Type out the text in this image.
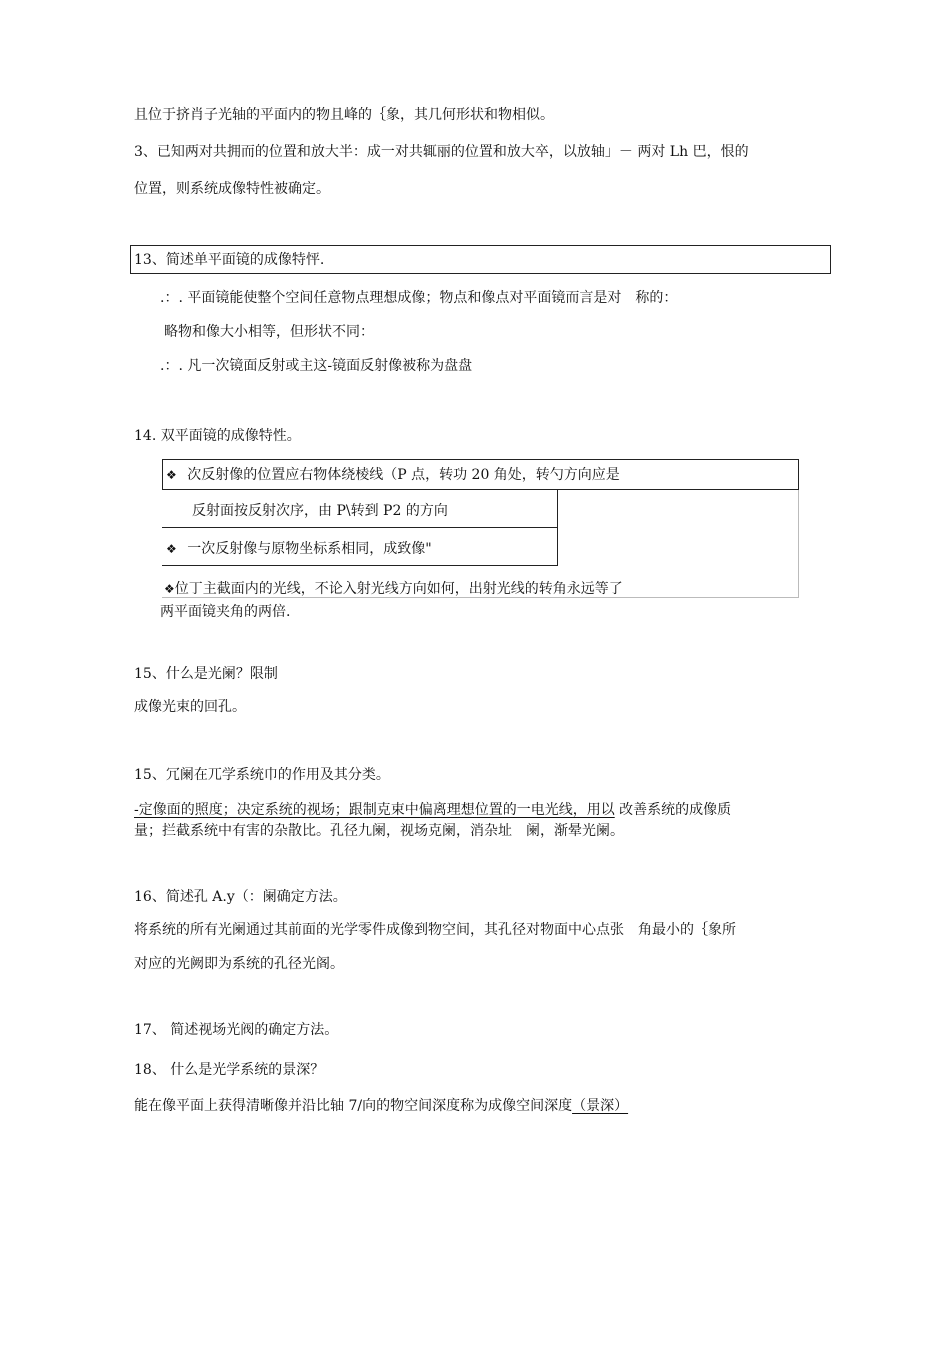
且位于挤肖子光轴的平面内的物且峰的｛象，其几何形状和物相似。
3、已知两对共拥而的位置和放大半：成一对共辄丽的位置和放大卒，以放轴」－ 两对 Lh 巴，恨的
位置，则系统成像特性被确定。
13、简述单平面镜的成像特怦.
.：. 平面镜能使整个空间任意物点理想成像；物点和像点对平面镜而言是对　称的：
略物和像大小相等，但形状不同：
.：. 凡一次镜面反射或主这-镜面反射像被称为盘盘
14. 双平面镜的成像特性。
❖ 次反射像的位置应右物体绕棱线（P 点，转功 20 角处，转勺方向应是
反射面按反射次序，由 P\转到 P2 的方向
❖ 一次反射像与原物坐标系相同，成致像"
❖位丁主截面内的光线，不论入射光线方向如何，出射光线的转角永远等了
两平面镜夹角的两倍.
15、什么是光阑？限制
成像光束的回孔。
15、冗阑在兀学系统巾的作用及其分类。
-定像面的照度；决定系统的视场；跟制克束中偏离理想位置的一电光线，用以 改善系统的成像质
量；拦截系统中有害的杂散比。孔径九阑，视场克阑，消杂址　阑，渐晕光阑。
16、简述孔 A.y（：阑确定方法。
将系统的所有光阑通过其前面的光学零件成像到物空间，其孔径对物面中心点张　角最小的｛象所
对应的光阙即为系统的孔径光阁。
17、 简述视场光阀的确定方法。
18、 什么是光学系统的景深？
能在像平面上获得清晰像并沿比轴 7/向的物空间深度称为成像空间深度（景深）
